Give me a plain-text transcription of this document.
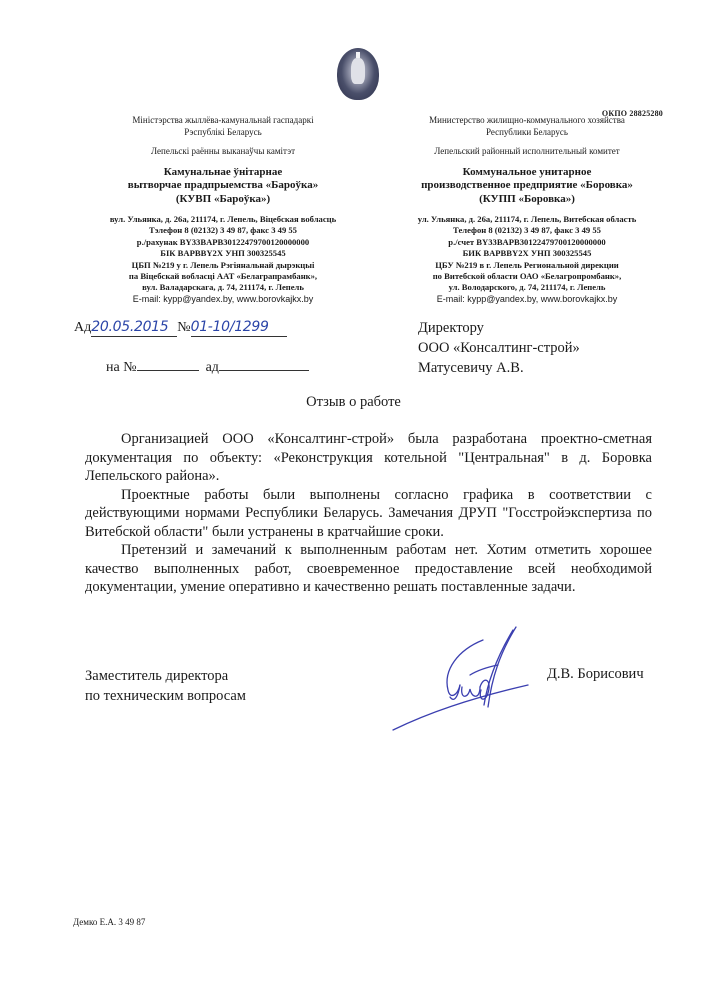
ОКПО 28825280
Міністэрства жыллёва-камунальнай гаспадаркі
Рэспублікі Беларусь
Лепельскі раённы выканаўчы камітэт
Камунальнае ўнітарнае
вытворчае прадпрыемства «Бароўка»
(КУВП «Бароўка»)
вул. Ульянка, д. 26а, 211174, г. Лепель, Віцебская вобласць
Тэлефон 8 (02132) 3 49 87, факс 3 49 55
р./рахунак BY33BAPB30122479700120000000
БІК BAPBBY2X УНП 300325545
ЦБП №219 у г. Лепель Рэгіянальнай дырэкцыі
па Віцебскай вобласці ААТ «Белаграпрамбанк»,
вул. Валадарскага, д. 74, 211174, г. Лепель
E-mail: kypp@yandex.by, www.borovkajkx.by
Министерство жилищно-коммунального хозяйства
Республики Беларусь
Лепельский районный исполнительный комитет
Коммунальное унитарное
производственное предприятие «Боровка»
(КУПП «Боровка»)
ул. Ульянка, д. 26а, 211174, г. Лепель, Витебская область
Телефон 8 (02132) 3 49 87, факс 3 49 55
р./счет BY33BAPB30122479700120000000
БИК BAPBBY2X УНП 300325545
ЦБУ №219 в г. Лепель Региональной дирекции
по Витебской области ОАО «Белагропромбанк»,
ул. Володарского, д. 74, 211174, г. Лепель
E-mail: kypp@yandex.by, www.borovkajkx.by
Ад20.05.2015 №01-10/1299
на №	ад
Директору
ООО «Консалтинг-строй»
Матусевичу А.В.
Отзыв о работе

Организацией ООО «Консалтинг-строй» была разработана проектно-сметная документация по объекту: «Реконструкция котельной "Центральная" в д. Боровка Лепельского района».

Проектные работы были выполнены согласно графика в соответствии с действующими нормами Республики Беларусь. Замечания ДРУП "Госстройэкспертиза по Витебской области" были устранены в кратчайшие сроки.

Претензий и замечаний к выполненным работам нет. Хотим отметить хорошее качество выполненных работ, своевременное предоставление всей необходимой документации, умение оперативно и качественно решать поставленные задачи.

Заместитель директора
по техническим вопросам
Д.В. Борисович
Демко Е.А. 3 49 87
